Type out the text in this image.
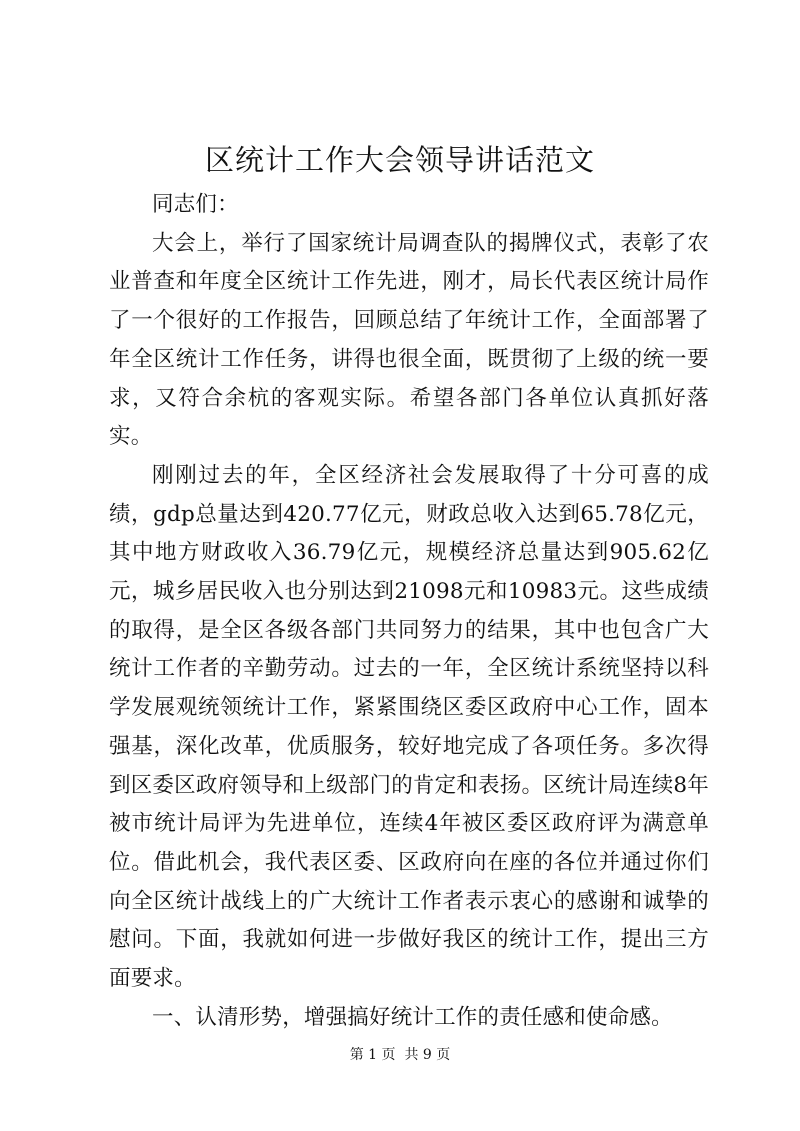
区统计工作大会领导讲话范文

同志们：

大会上，举行了国家统计局调查队的揭牌仪式，表彰了农业普查和年度全区统计工作先进，刚才，局长代表区统计局作了一个很好的工作报告，回顾总结了年统计工作，全面部署了年全区统计工作任务，讲得也很全面，既贯彻了上级的统一要求，又符合余杭的客观实际。希望各部门各单位认真抓好落实。

刚刚过去的年，全区经济社会发展取得了十分可喜的成绩，gdp总量达到420.77亿元，财政总收入达到65.78亿元，其中地方财政收入36.79亿元，规模经济总量达到905.62亿元，城乡居民收入也分别达到21098元和10983元。这些成绩的取得，是全区各级各部门共同努力的结果，其中也包含广大统计工作者的辛勤劳动。过去的一年，全区统计系统坚持以科学发展观统领统计工作，紧紧围绕区委区政府中心工作，固本强基，深化改革，优质服务，较好地完成了各项任务。多次得到区委区政府领导和上级部门的肯定和表扬。区统计局连续8年被市统计局评为先进单位，连续4年被区委区政府评为满意单位。借此机会，我代表区委、区政府向在座的各位并通过你们向全区统计战线上的广大统计工作者表示衷心的感谢和诚挚的慰问。下面，我就如何进一步做好我区的统计工作，提出三方面要求。

一、认清形势，增强搞好统计工作的责任感和使命感。

第 1 页  共 9 页
